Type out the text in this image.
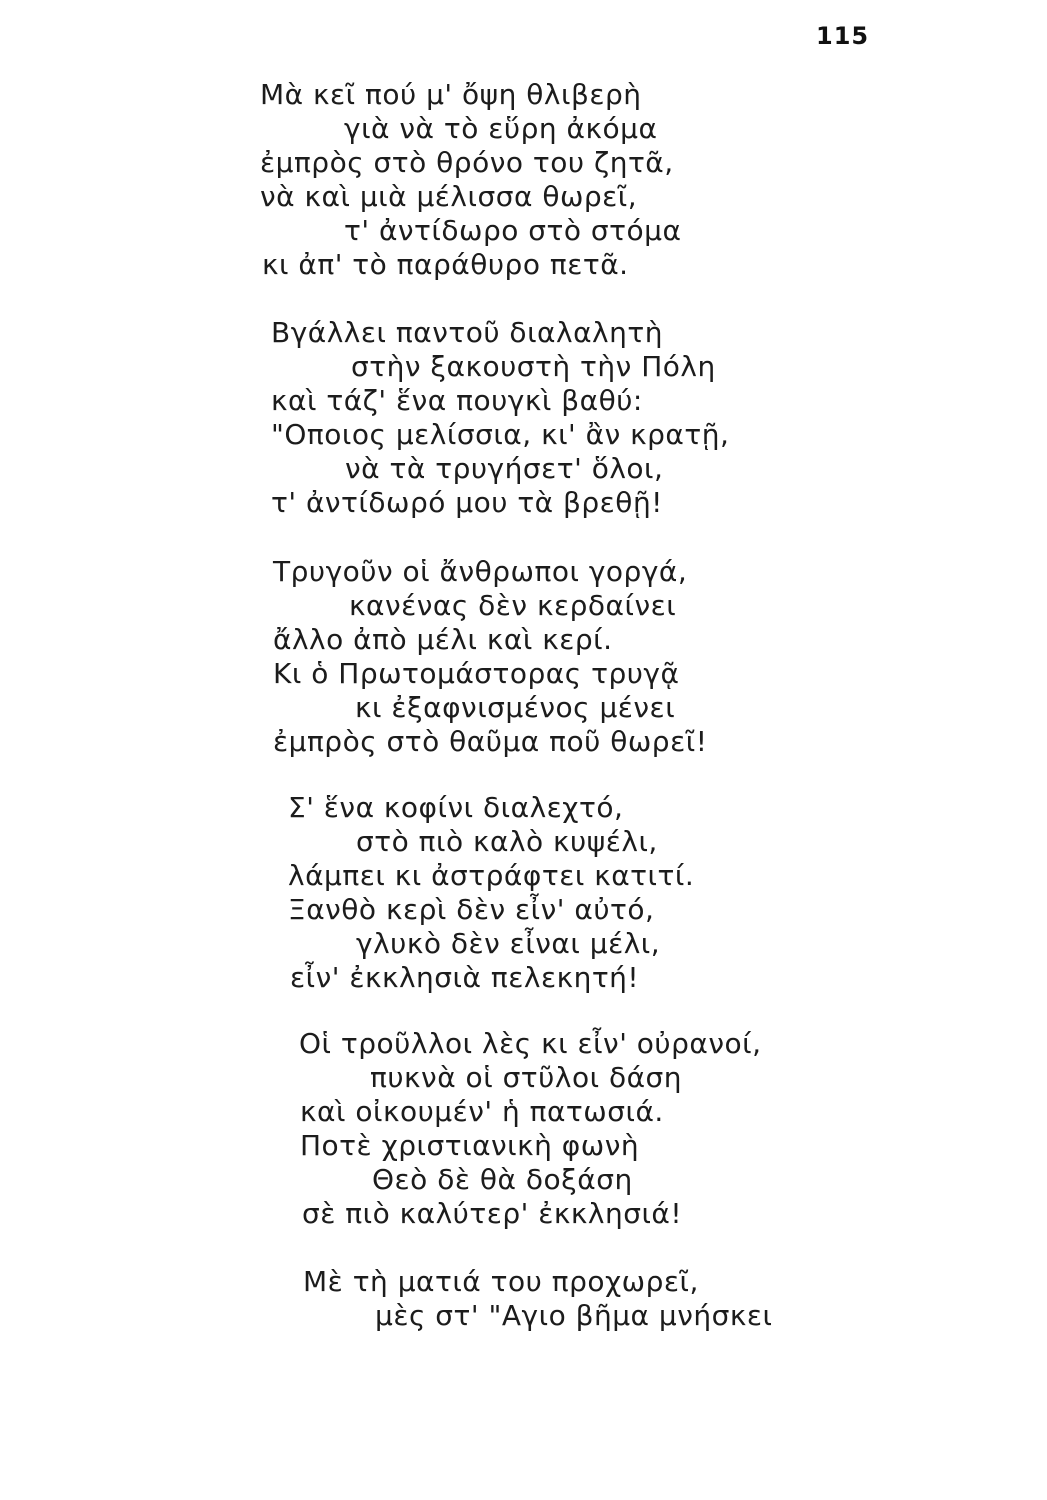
115
Μὰ κεῖ πού μ' ὄψη θλιβερὴ
γιὰ νὰ τὸ εὕρη ἀκόμα
ἐμπρὸς στὸ θρόνο του ζητᾶ,
νὰ καὶ μιὰ μέλισσα θωρεῖ,
τ' ἀντίδωρο στὸ στόμα
κι ἀπ' τὸ παράθυρο πετᾶ.
Βγάλλει παντοῦ διαλαλητὴ
στὴν ξακουστὴ τὴν Πόλη
καὶ τάζ' ἕνα πουγκὶ βαθύ:
"Οποιος μελίσσια, κι' ἂν κρατῇ,
νὰ τὰ τρυγήσετ' ὅλοι,
τ' ἀντίδωρό μου τὰ βρεθῇ!
Τρυγοῦν οἱ ἄνθρωποι γοργά,
κανένας δὲν κερδαίνει
ἄλλο ἀπὸ μέλι καὶ κερί.
Κι ὁ Πρωτομάστορας τρυγᾷ
κι ἐξαφνισμένος μένει
ἐμπρὸς στὸ θαῦμα ποῦ θωρεῖ!
Σ' ἕνα κοφίνι διαλεχτό,
στὸ πιὸ καλὸ κυψέλι,
λάμπει κι ἀστράφτει κατιτί.
Ξανθὸ κερὶ δὲν εἶν' αὐτό,
γλυκὸ δὲν εἶναι μέλι,
εἶν' ἐκκλησιὰ πελεκητή!
Οἱ τροῦλλοι λὲς κι εἶν' οὐρανοί,
πυκνὰ οἱ στῦλοι δάση
καὶ οἰκουμέν' ἡ πατωσιά.
Ποτὲ χριστιανικὴ φωνὴ
Θεὸ δὲ θὰ δοξάση
σὲ πιὸ καλύτερ' ἐκκλησιά!
Μὲ τὴ ματιά του προχωρεῖ,
μὲς στ' "Αγιο βῆμα μνήσκει
